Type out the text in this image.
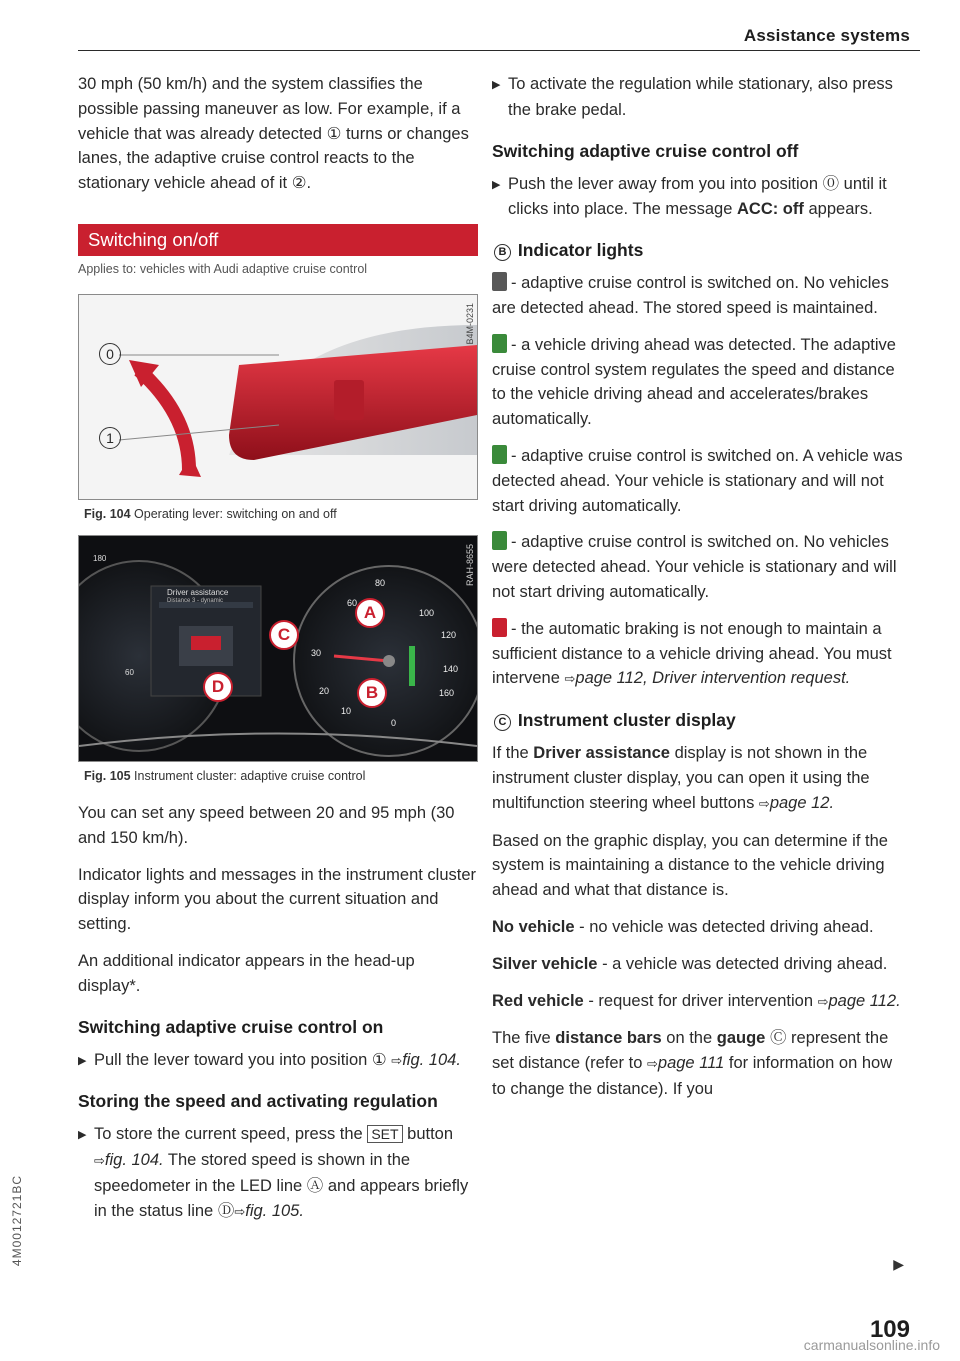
Assistance systems

30 mph (50 km/h) and the system classifies the possible passing maneuver as low. For example, if a vehicle that was already detected ① turns or changes lanes, the adaptive cruise control reacts to the stationary vehicle ahead of it ②.

Switching on/off
Applies to: vehicles with Audi adaptive cruise control
0
1
B4M-0231
Fig. 104 Operating lever: switching on and off
Driver assistance
Distance 3 - dynamic
180
60
80
100
120
140
160
20
10
0
30
60 A
B
C
D
RAH-8655
Fig. 105 Instrument cluster: adaptive cruise control

You can set any speed between 20 and 95 mph (30 and 150 km/h).

Indicator lights and messages in the instrument cluster display inform you about the current situation and setting.

An additional indicator appears in the head-up display*.

Switching adaptive cruise control on

▶ Pull the lever toward you into position ① ⇨fig. 104.

Storing the speed and activating regulation

▶ To store the current speed, press the SET button ⇨fig. 104. The stored speed is shown in the speedometer in the LED line Ⓐ and appears briefly in the status line Ⓓ⇨fig. 105.

▶ To activate the regulation while stationary, also press the brake pedal.

Switching adaptive cruise control off

▶ Push the lever away from you into position ⓪ until it clicks into place. The message ACC: off appears.

B Indicator lights

- adaptive cruise control is switched on. No vehicles are detected ahead. The stored speed is maintained.

- a vehicle driving ahead was detected. The adaptive cruise control system regulates the speed and distance to the vehicle driving ahead and accelerates/brakes automatically.

- adaptive cruise control is switched on. A vehicle was detected ahead. Your vehicle is stationary and will not start driving automatically.

- adaptive cruise control is switched on. No vehicles were detected ahead. Your vehicle is stationary and will not start driving automatically.

- the automatic braking is not enough to maintain a sufficient distance to a vehicle driving ahead. You must intervene ⇨page 112, Driver intervention request.

C Instrument cluster display

If the Driver assistance display is not shown in the instrument cluster display, you can open it using the multifunction steering wheel buttons ⇨page 12.

Based on the graphic display, you can determine if the system is maintaining a distance to the vehicle driving ahead and what that distance is.

No vehicle - no vehicle was detected driving ahead.

Silver vehicle - a vehicle was detected driving ahead.

Red vehicle - request for driver intervention ⇨page 112.

The five distance bars on the gauge Ⓒ represent the set distance (refer to ⇨page 111 for information on how to change the distance). If you

▶
4M0012721BC
109
carmanualsonline.info
